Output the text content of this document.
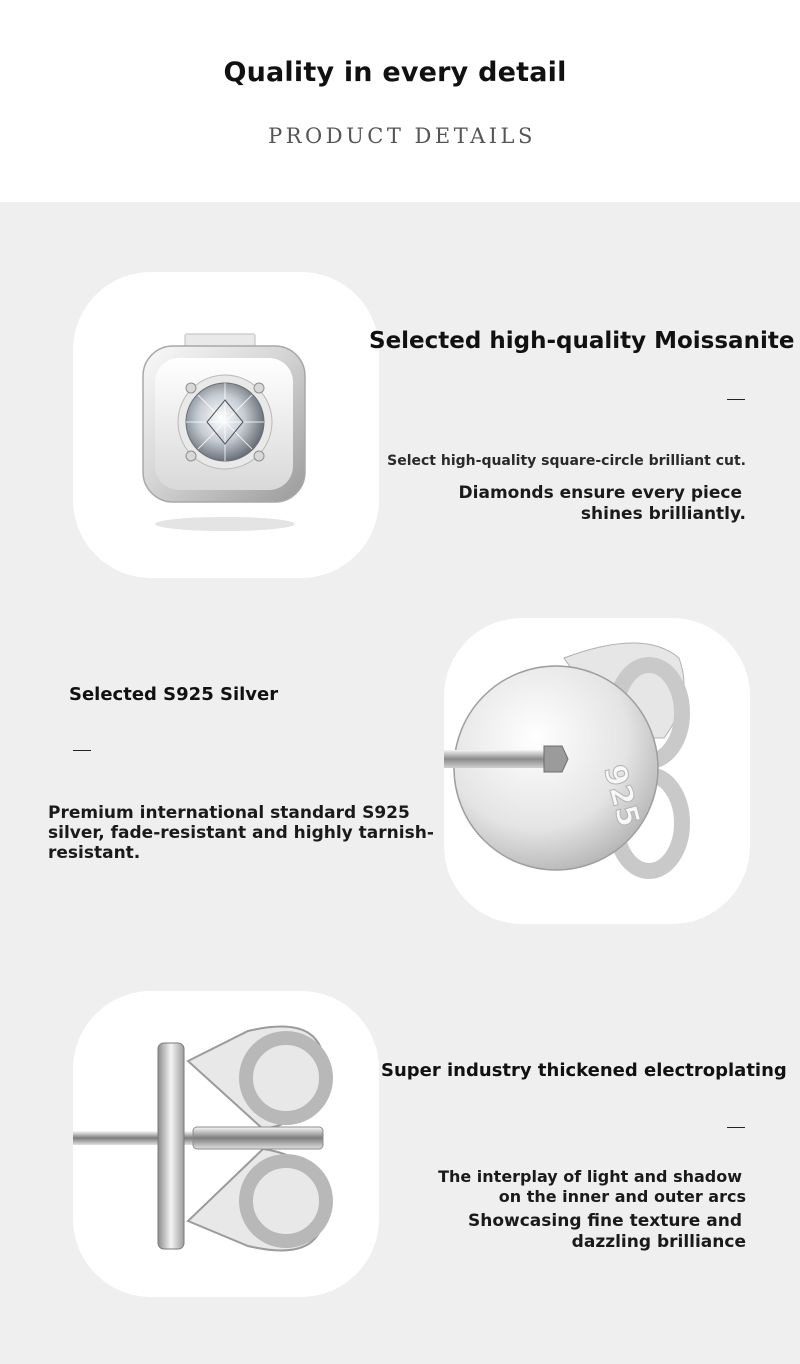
Quality in every detail
PRODUCT DETAILS
Selected high-quality Moissanite
Select high-quality square-circle brilliant cut.
Diamonds ensure every piece
shines brilliantly.
Selected S925 Silver
Premium international standard S925
silver, fade-resistant and highly tarnish-
resistant.
925
Super industry thickened electroplating
The interplay of light and shadow
on the inner and outer arcs
Showcasing fine texture and
dazzling brilliance
